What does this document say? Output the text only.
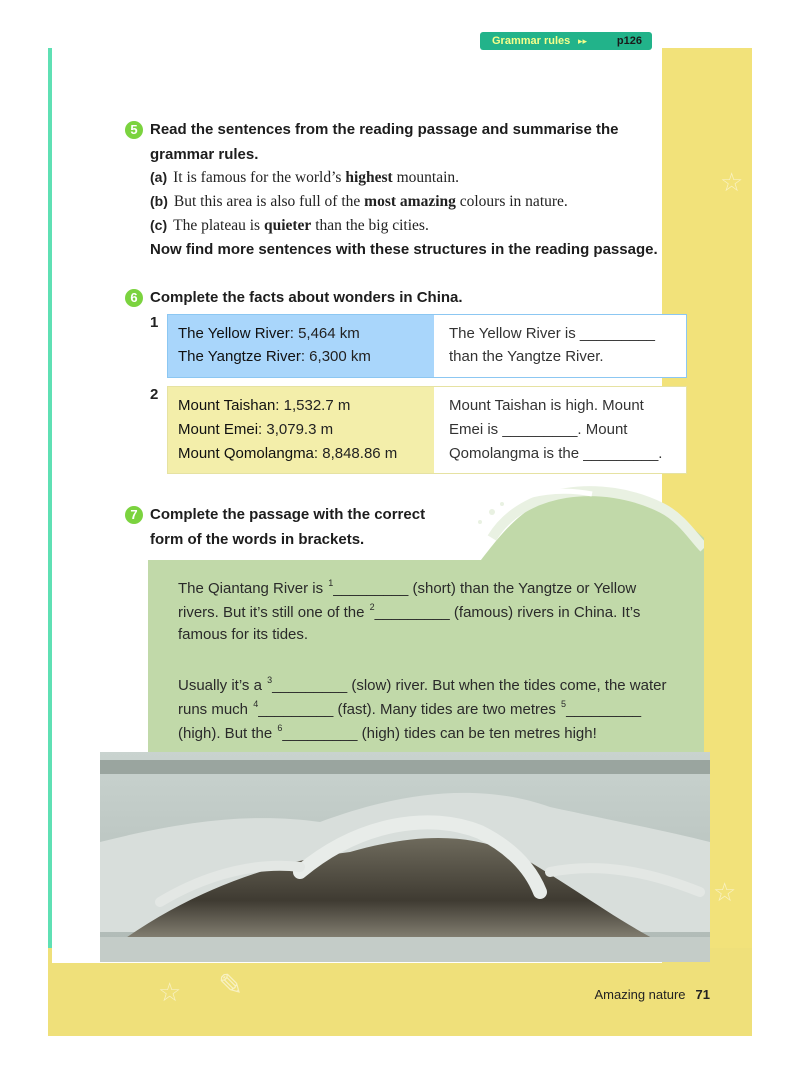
☆
☆
☆
✎
Grammar rules ▸▸	p126
5 Read the sentences from the reading passage and summarise the
grammar rules.
(a) It is famous for the world’s highest mountain.
(b) But this area is also full of the most amazing colours in nature.
(c) The plateau is quieter than the big cities.
Now find more sentences with these structures in the reading passage.
6 Complete the facts about wonders in China.
1
The Yellow River: 5,464 km
The Yangtze River: 6,300 km
The Yellow River is _________
than the Yangtze River.
2
Mount Taishan: 1,532.7 m
Mount Emei: 3,079.3 m
Mount Qomolangma: 8,848.86 m
Mount Taishan is high. Mount
Emei is _________. Mount
Qomolangma is the _________.
7 Complete the passage with the correct
form of the words in brackets.
The Qiantang River is $^1$_________ (short) than the Yangtze or Yellow
rivers. But it’s still one of the $^2$_________ (famous) rivers in China. It’s
famous for its tides.
Usually it’s a $^3$_________ (slow) river. But when the tides come, the water
runs much $^4$_________ (fast). Many tides are two metres $^5$_________
(high). But the $^6$_________ (high) tides can be ten metres high!
Amazing nature 71
